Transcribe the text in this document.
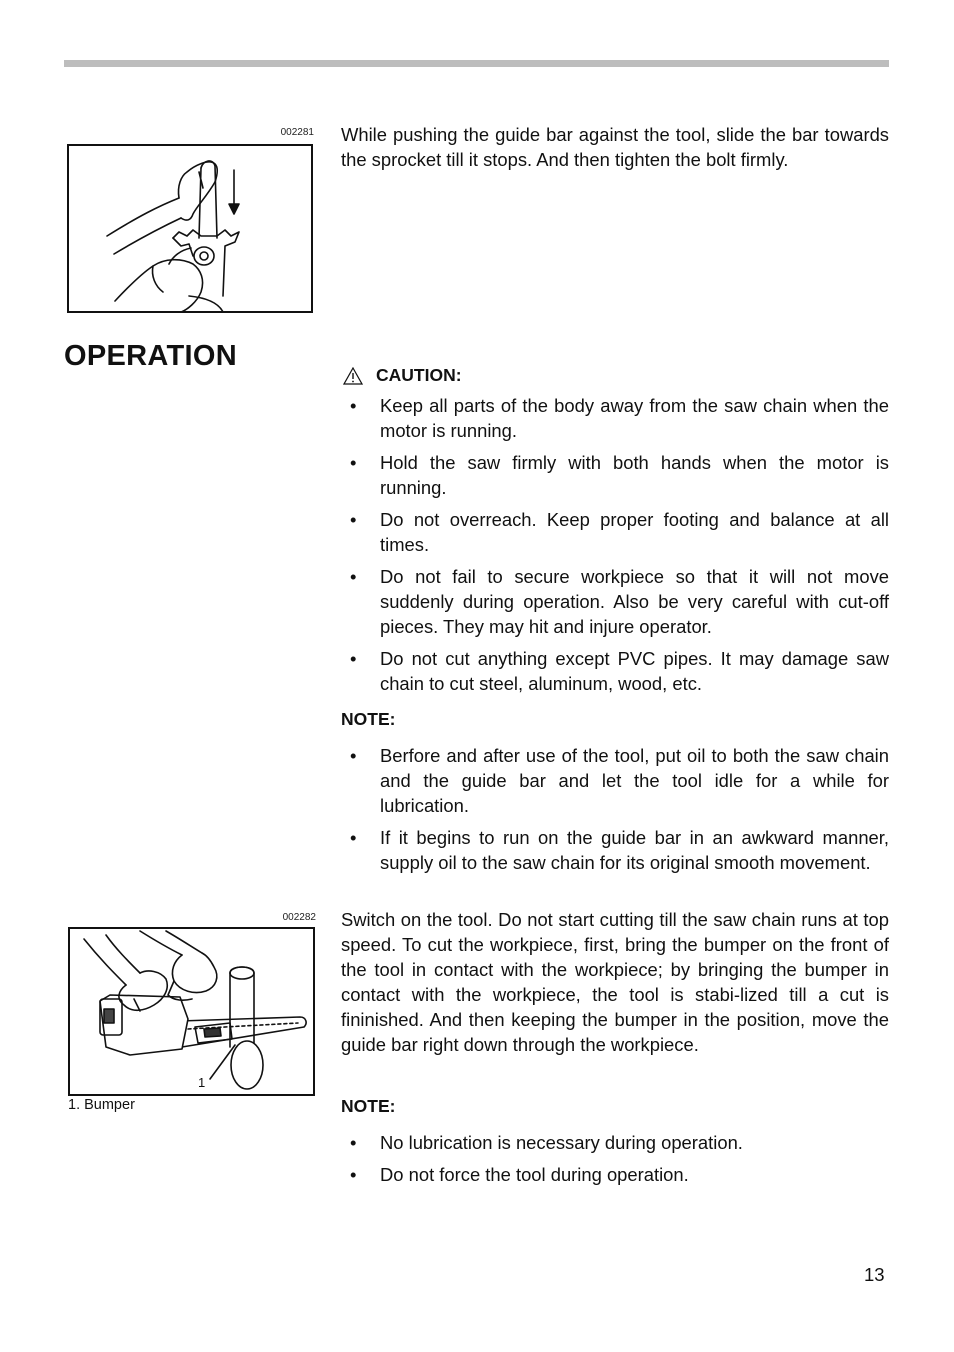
002281 While pushing the guide bar against the tool, slide the bar towards the sprocket till it stops. And then tighten the bolt firmly.

OPERATION
CAUTION:
• Keep all parts of the body away from the saw chain when the motor is running.
• Hold the saw firmly with both hands when the motor is running.
• Do not overreach. Keep proper footing and balance at all times.
• Do not fail to secure workpiece so that it will not move suddenly during operation. Also be very careful with cut-off pieces. They may hit and injure operator.
• Do not cut anything except PVC pipes. It may damage saw chain to cut steel, aluminum, wood, etc.

NOTE:

• Berfore and after use of the tool, put oil to both the saw chain and the guide bar and let the tool idle for a while for lubrication.
• If it begins to run on the guide bar in an awkward manner, supply oil to the saw chain for its original smooth movement.
002282
1
1. Bumper

Switch on the tool. Do not start cutting till the saw chain runs at top speed. To cut the workpiece, first, bring the bumper on the front of the tool in contact with the workpiece; by bringing the bumper in contact with the workpiece, the tool is stabi-lized till a cut is fininished. And then keeping the bumper in the position, move the guide bar right down through the workpiece.

NOTE:

• No lubrication is necessary during operation.
• Do not force the tool during operation.
13
